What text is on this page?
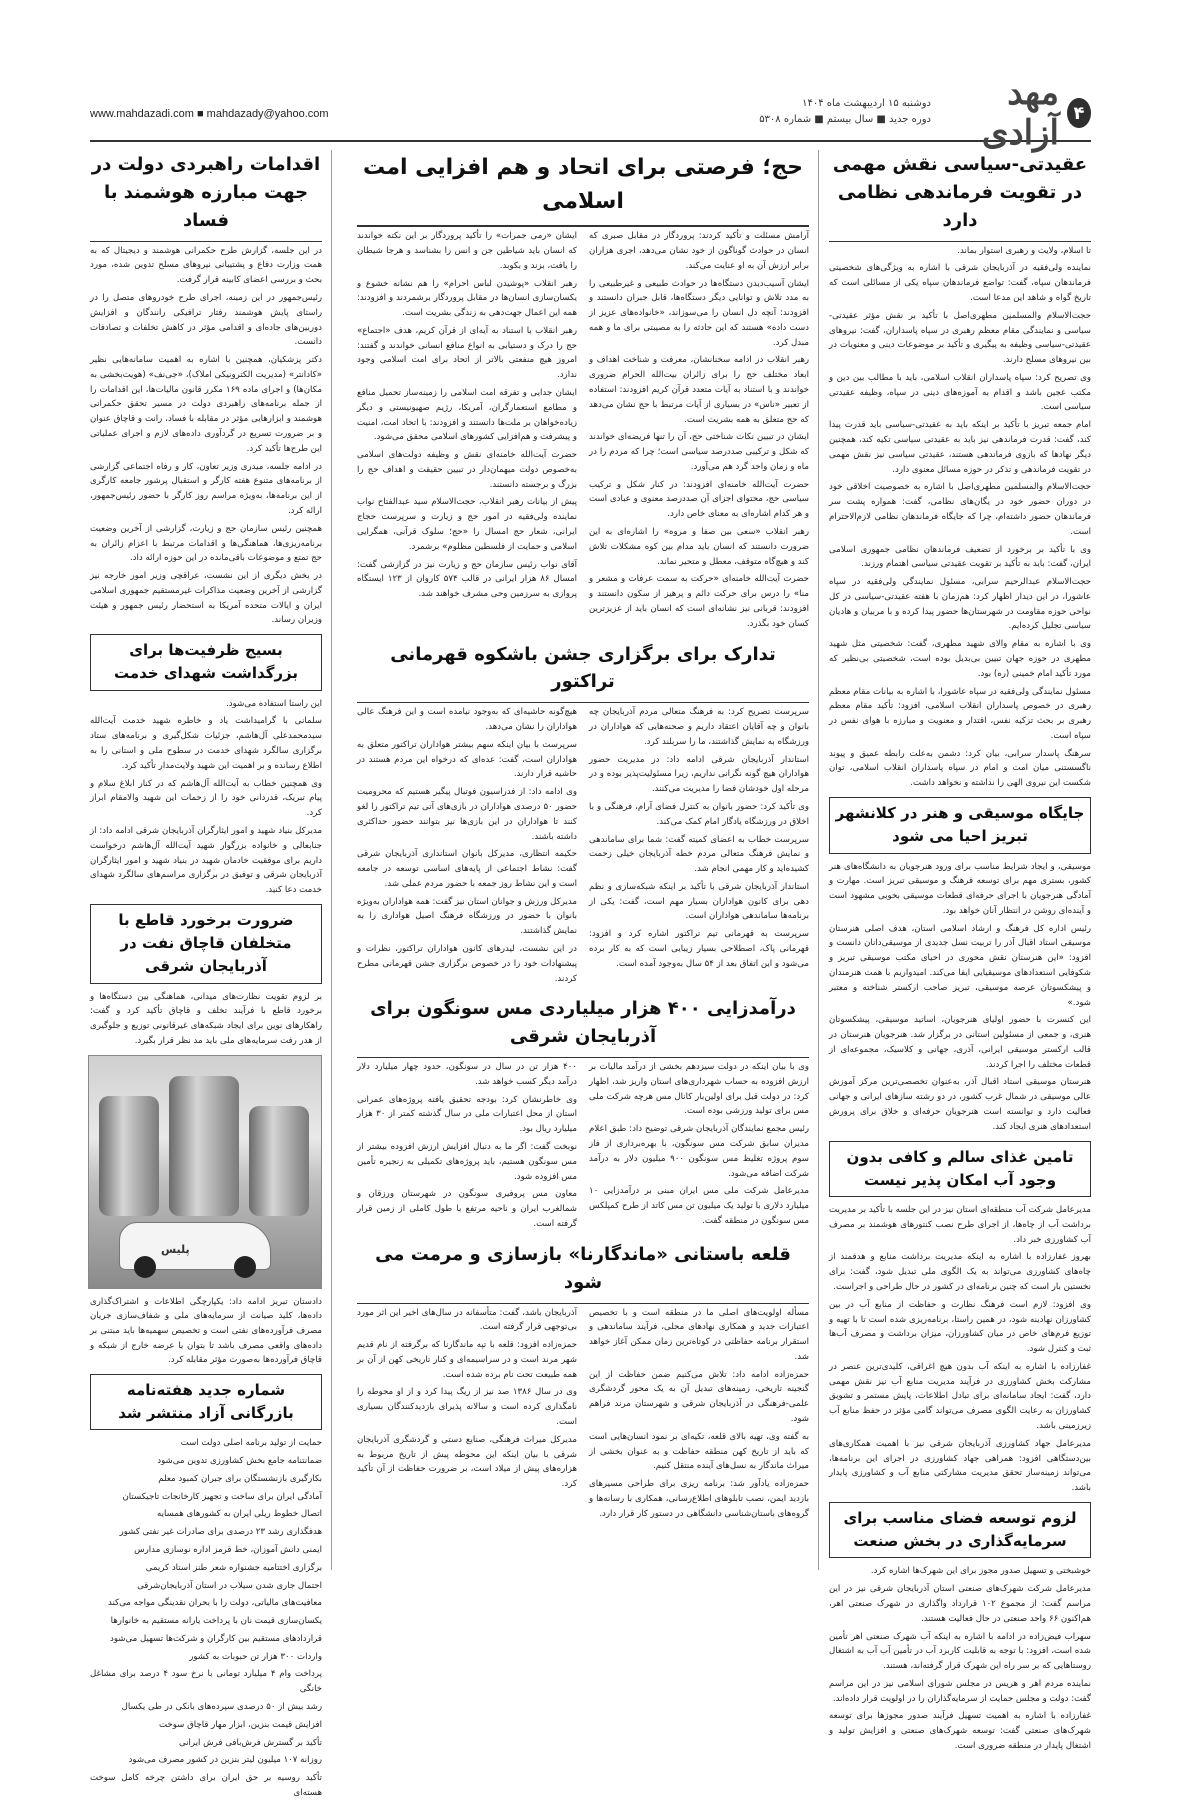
۴
مهد آزادی
دوشنبه ۱۵ اردیبهشت ماه ۱۴۰۴
دوره جدید ■ سال بیستم ■ شماره ۵۳۰۸
www.mahdazadi.com ■ mahdazady@yahoo.com
عقیدتی-سیاسی نقش مهمی در تقویت فرماندهی نظامی دارد

تا اسلام، ولایت و رهبری استوار بماند.

نماینده ولی‌فقیه در آذربایجان شرقی با اشاره به ویژگی‌های شخصیتی فرماندهان سپاه، گفت: تواضع فرماندهان سپاه یکی از مسائلی است که تاریخ گواه و شاهد این مدعا است.

حجت‌الاسلام والمسلمین مطهری‌اصل با تأکید بر نقش مؤثر عقیدتی-سیاسی و نمایندگی مقام معظم رهبری در سپاه پاسداران، گفت: نیروهای عقیدتی-سیاسی وظیفه به پیگیری و تأکید بر موضوعات دینی و معنویات در بین نیروهای مسلح دارند.

وی تصریح کرد: سپاه پاسداران انقلاب اسلامی، باید با مطالب بین دین و مکتب عجین باشد و اقدام به آموزه‌های دینی در سپاه، وظیفه عقیدتی سیاسی است.

امام جمعه تبریز با تأکید بر اینکه باید به عقیدتی-سیاسی باید قدرت پیدا کند، گفت: قدرت فرماندهی نیز باید به عقیدتی سیاسی تکیه کند، همچنین دیگر نهادها که بازوی فرماندهی هستند، عقیدتی سیاسی نیز نقش مهمی در تقویت فرماندهی و تذکر در حوزه مسائل معنوی دارد.

حجت‌الاسلام والمسلمین مطهری‌اصل با اشاره به خصوصیت اخلاقی خود در دوران حضور خود در یگان‌های نظامی، گفت: همواره پشت سر فرماندهان حضور داشته‌ام، چرا که جایگاه فرماندهان نظامی لازم‌الاحترام است.

وی با تأکید بر برخورد از تضعیف فرماندهان نظامی جمهوری اسلامی ایران، گفت: باید به تأکید بر تقویت عقیدتی سیاسی اهتمام ورزند.

حجت‌الاسلام عبدالرحیم سرابی، مسئول نمایندگی ولی‌فقیه در سپاه عاشورا، در این دیدار اظهار کرد: هم‌زمان با هفته عقیدتی-سیاسی در کل نواحی حوزه مقاومت در شهرستان‌ها حضور پیدا کرده و با مربیان و هادیان سیاسی تجلیل کرده‌ایم.

وی با اشاره به مقام والای شهید مطهری، گفت: شخصیتی مثل شهید مطهری در حوزه جهان تبیین بی‌بدیل بوده است، شخصیتی بی‌نظیر که مورد تأکید امام خمینی (ره) بود.

مسئول نمایندگی ولی‌فقیه در سپاه عاشورا، با اشاره به بیانات مقام معظم رهبری در خصوص پاسداران انقلاب اسلامی، افزود: تأکید مقام معظم رهبری بر بحث تزکیه نفس، اقتدار و معنویت و مبارزه با هوای نفس در سپاه است.

سرهنگ پاسدار سرابی، بیان کرد: دشمن به‌علت رابطه عمیق و پیوند ناگسستنی میان امت و امام در سپاه پاسداران انقلاب اسلامی، توان شکست این نیروی الهی را نداشته و نخواهد داشت.

جایگاه موسیقی و هنر در کلانشهر تبریز احیا می شود

موسیقی، و ایجاد شرایط مناسب برای ورود هنرجویان به دانشگاه‌های هنر کشور، بستری مهم برای توسعه فرهنگ و موسیقی تبریز است. مهارت و آمادگی هنرجویان با اجرای حرفه‌ای قطعات موسیقی بخوبی مشهود است و آینده‌ای روشن در انتظار آنان خواهد بود.

رئیس اداره کل فرهنگ و ارشاد اسلامی استان، هدف اصلی هنرستان موسیقی استاد اقبال آذر را تربیت نسل جدیدی از موسیقی‌دانان دانست و افزود: «این هنرستان نقش محوری در احیای مکتب موسیقی تبریز و شکوفایی استعدادهای موسیقیایی ایفا می‌کند. امیدواریم با همت هنرمندان و پیشکسوتان عرصه موسیقی، تبریز صاحب ارکستر شناخته و معتبر شود.»

این کنسرت با حضور اولیای هنرجویان، اساتید موسیقی، پیشکسوتان هنری، و جمعی از مسئولین استانی در برگزار شد. هنرجویان هنرستان در قالب ارکستر موسیقی ایرانی، آذری، جهانی و کلاسیک، مجموعه‌ای از قطعات مختلف را اجرا کردند.

هنرستان موسیقی استاد اقبال آذر، به‌عنوان تخصصی‌ترین مرکز آموزش عالی موسیقی در شمال غرب کشور، در دو رشته سازهای ایرانی و جهانی فعالیت دارد و توانسته است هنرجویان حرفه‌ای و خلاق برای پرورش استعدادهای هنری ایجاد کند.

تامین غذای سالم و کافی بدون وجود آب امکان پذیر نیست

مدیرعامل شرکت آب منطقه‌ای استان نیز در این جلسه با تأکید بر مدیریت برداشت آب از چاه‌ها، از اجرای طرح نصب کنتورهای هوشمند بر مصرف آب کشاورزی خبر داد.

بهروز غفارزاده با اشاره به اینکه مدیریت برداشت منابع و هدفمند از چاه‌های کشاورزی می‌تواند به یک الگوی ملی تبدیل شود، گفت: برای نخستین بار است که چنین برنامه‌ای در کشور در حال طراحی و اجراست.

وی افزود: لازم است فرهنگ نظارت و حفاظت از منابع آب در بین کشاورزان نهادینه شود، در همین راستا، برنامه‌ریزی شده است تا با تهیه و توزیع فرم‌های خاص در میان کشاورزان، میزان برداشت و مصرف آب‌ها ثبت و کنترل شود.

غفارزاده با اشاره به اینکه آب بدون هیچ اغراقی، کلیدی‌ترین عنصر در مشارکت بخش کشاورزی در فرآیند مدیریت منابع آب نیز نقش مهمی دارد، گفت: ایجاد سامانه‌ای برای تبادل اطلاعات، پایش مستمر و تشویق کشاورزان به رعایت الگوی مصرف می‌تواند گامی مؤثر در حفظ منابع آب زیرزمینی باشد.

مدیرعامل جهاد کشاورزی آذربایجان شرقی نیز با اهمیت همکاری‌های بین‌دستگاهی افزود: همراهی جهاد کشاورزی در اجرای این برنامه‌ها، می‌تواند زمینه‌ساز تحقق مدیریت مشارکتی منابع آب و کشاورزی پایدار باشد.

لزوم توسعه فضای مناسب برای سرمایه‌گذاری در بخش صنعت

خوشبختی و تسهیل صدور مجوز برای این شهرک‌ها اشاره کرد.

مدیرعامل شرکت شهرک‌های صنعتی استان آذربایجان شرقی نیز در این مراسم گفت: از مجموع ۱۰۲ قرارداد واگذاری در شهرک صنعتی اهر، هم‌اکنون ۶۶ واحد صنعتی در حال فعالیت هستند.

سهراب فیض‌زاده در ادامه با اشاره به اینکه آب شهرک صنعتی اهر تأمین شده است، افزود: با توجه به قابلیت کاربرد آب در تأمین آب آب به اشتغال روستاهایی که بر سر راه این شهرک قرار گرفته‌اند، هستند.

نماینده مردم اهر و هریس در مجلس شورای اسلامی نیز در این مراسم گفت: دولت و مجلس حمایت از سرمایه‌گذاران را در اولویت قرار داده‌اند.

غفارزاده با اشاره به اهمیت تسهیل فرآیند صدور مجوزها برای توسعه شهرک‌های صنعتی گفت: توسعه شهرک‌های صنعتی و افزایش تولید و اشتغال پایدار در منطقه ضروری است.

حج؛ فرصتی برای اتحاد و هم افزایی امت اسلامی

آرامش مسئلت و تأکید کردند: پروردگار در مقابل صبری که انسان در حوادث گوناگون از خود نشان می‌دهد، اجری هزاران برابر ارزش آن به او عنایت می‌کند.

ایشان آسیب‌دیدن دستگاه‌ها در حوادث طبیعی و غیرطبیعی را به مدد تلاش و توانایی دیگر دستگاه‌ها، قابل جبران دانستند و افزودند: آنچه دل انسان را می‌سوزاند، «خانواده‌های عزیز از دست داده» هستند که این حادثه را به مصیبتی برای ما و همه مبدل کرد.

رهبر انقلاب در ادامه سخنانشان، معرفت و شناخت اهداف و ابعاد مختلف حج را برای زائران بیت‌الله الحرام ضروری خواندند و با استناد به آیات متعدد قرآن کریم افزودند: استفاده از تعبیر «ناس» در بسیاری از آیات مرتبط با حج نشان می‌دهد که حج متعلق به همه بشریت است.

ایشان در تبیین نکات شناختی حج، آن را تنها فریضه‌ای خواندند که شکل و ترکیبی صددرصد سیاسی است؛ چرا که مردم را در ماه و زمان واحد گرد هم می‌آورد.

حضرت آیت‌الله خامنه‌ای افزودند: در کنار شکل و ترکیب سیاسی حج، محتوای اجزای آن صددرصد معنوی و عبادی است و هر کدام اشاره‌ای به معنای خاص دارد.

رهبر انقلاب «سعی بین صفا و مروه» را اشاره‌ای به این ضرورت دانستند که انسان باید مدام بین کوه مشکلات تلاش کند و هیچ‌گاه متوقف، معطل و متحیر نماند.

حضرت آیت‌الله خامنه‌ای «حرکت به سمت عرفات و مشعر و منا» را درس برای حرکت دائم و پرهیز از سکون دانستند و افزودند: قربانی نیز نشانه‌ای است که انسان باید از عزیزترین کسان خود بگذرد.

ایشان «رمی جمرات» را تأکید پروردگار بر این نکته خواندند که انسان باید شیاطین جن و انس را بشناسد و هرجا شیطان را یافت، بزند و بکوبد.

رهبر انقلاب «پوشیدن لباس احرام» را هم نشانه خشوع و یکسان‌سازی انسان‌ها در مقابل پروردگار برشمردند و افزودند: همه این اعمال جهت‌دهی به زندگی بشریت است.

رهبر انقلاب با استناد به آیه‌ای از قرآن کریم، هدف «اجتماع» حج را درک و دستیابی به انواع منافع انسانی خواندند و گفتند: امروز هیچ منفعتی بالاتر از اتحاد برای امت اسلامی وجود ندارد.

ایشان جدایی و تفرقه امت اسلامی را زمینه‌ساز تحمیل منافع و مطامع استعمارگران، آمریکا، رژیم صهیونیستی و دیگر زیاده‌خواهان بر ملت‌ها دانستند و افزودند: با اتحاد امت، امنیت و پیشرفت و هم‌افزایی کشورهای اسلامی محقق می‌شود.

حضرت آیت‌الله خامنه‌ای نقش و وظیفه دولت‌های اسلامی به‌خصوص دولت میهمان‌دار در تبیین حقیقت و اهداف حج را بزرگ و برجسته دانستند.

پیش از بیانات رهبر انقلاب، حجت‌الاسلام سید عبدالفتاح نواب نماینده ولی‌فقیه در امور حج و زیارت و سرپرست حجاج ایرانی، شعار حج امسال را «حج؛ سلوک قرآنی، همگرایی اسلامی و حمایت از فلسطین مظلوم» برشمرد.

آقای نواب رئیس سازمان حج و زیارت نیز در گزارشی گفت: امسال ۸۶ هزار ایرانی در قالب ۵۷۴ کاروان از ۱۲۳ ایستگاه پروازی به سرزمین وحی مشرف خواهند شد.

تدارک برای برگزاری جشن باشکوه قهرمانی تراکتور

سرپرست تصریح کرد: به فرهنگ متعالی مردم آذربایجان چه بانوان و چه آقایان اعتقاد داریم و صحنه‌هایی که هواداران در ورزشگاه به نمایش گذاشتند، ما را سربلند کرد.

استاندار آذربایجان شرقی ادامه داد: در مدیریت حضور هواداران هیچ گونه نگرانی نداریم، زیرا مسئولیت‌پذیر بوده و در مرحله اول خودشان فضا را مدیریت می‌کنند.

وی تأکید کرد: حضور بانوان به کنترل فضای آرام، فرهنگی و با اخلاق در ورزشگاه یادگار امام کمک می‌کند.

سرپرست خطاب به اعضای کمیته گفت: شما برای ساماندهی و نمایش فرهنگ متعالی مردم خطه آذربایجان خیلی زحمت کشیده‌اید و کار مهمی انجام شد.

استاندار آذربایجان شرقی با تأکید بر اینکه شبکه‌سازی و نظم دهی برای کانون هواداران بسیار مهم است، گفت: یکی از برنامه‌ها ساماندهی هواداران است.

سرپرست به قهرمانی تیم تراکتور اشاره کرد و افزود: قهرمانی پاک، اصطلاحی بسیار زیبایی است که به کار برده می‌شود و این اتفاق بعد از ۵۴ سال به‌وجود آمده است.

هیچ‌گونه حاشیه‌ای که به‌وجود نیامده است و این فرهنگ عالی هواداران را نشان می‌دهد.

سرپرست با بیان اینکه سهم بیشتر هواداران تراکتور متعلق به هواداران است، گفت: عده‌ای که درخواه این مردم هستند در حاشیه قرار دارند.

وی ادامه داد: از فدراسیون فوتبال پیگیر هستیم که محرومیت حضور ۵۰ درصدی هواداران در بازی‌های آتی تیم تراکتور را لغو کنند تا هواداران در این بازی‌ها نیز بتوانند حضور حداکثری داشته باشند.

حکیمه انتظاری، مدیرکل بانوان استانداری آذربایجان شرقی گفت: نشاط اجتماعی از پایه‌های اساسی توسعه در جامعه است و این نشاط روز جمعه با حضور مردم عملی شد.

مدیرکل ورزش و جوانان استان نیز گفت: همه هواداران به‌ویژه بانوان با حضور در ورزشگاه فرهنگ اصیل هواداری را به نمایش گذاشتند.

در این نشست، لیدرهای کانون هواداران تراکتور، نظرات و پیشنهادات خود را در خصوص برگزاری جشن قهرمانی مطرح کردند.

درآمدزایی ۴۰۰ هزار میلیاردی مس سونگون برای آذربایجان شرقی

وی با بیان اینکه در دولت سیزدهم بخشی از درآمد مالیات بر ارزش افزوده به حساب شهرداری‌های استان واریز شد، اظهار کرد: در دولت قبل برای اولین‌بار کانال مس هرچه شرکت ملی مس برای تولید ورزشی بوده است.

رئیس مجمع نمایندگان آذربایجان شرقی توضیح داد: طبق اعلام مدیران سابق شرکت مس سونگون، با بهره‌برداری از فاز سوم پروژه تغلیظ مس سونگون ۹۰۰ میلیون دلار به درآمد شرکت اضافه می‌شود.

مدیرعامل شرکت ملی مس ایران مبنی بر درآمدزایی ۱۰ میلیارد دلاری با تولید یک میلیون تن مس کاتد از طرح کمپلکس مس سونگون در منطقه گفت.

۴۰۰ هزار تن در سال در سونگون، حدود چهار میلیارد دلار درآمد دیگر کسب خواهد شد.

وی خاطرنشان کرد: بودجه تحقیق یافته پروژه‌های عمرانی استان از محل اعتبارات ملی در سال گذشته کمتر از ۳۰ هزار میلیارد ریال بود.

نوبخت گفت: اگر ما به دنبال افزایش ارزش افزوده بیشتر از مس سونگون هستیم، باید پروژه‌های تکمیلی به زنجیره تأمین مس افزوده شود.

معاون مس پروفیری سونگون در شهرستان ورزقان و شمالغرب ایران و ناحیه مرتفع با طول کاملی از زمین قرار گرفته است.

قلعه باستانی «ماندگارنا» بازسازی و مرمت می شود

مسأله اولویت‌های اصلی ما در منطقه است و با تخصیص اعتبارات جدید و همکاری نهادهای محلی، فرآیند ساماندهی و استقرار برنامه حفاظتی در کوتاه‌ترین زمان ممکن آغاز خواهد شد.

حمزه‌زاده ادامه داد: تلاش می‌کنیم ضمن حفاظت از این گنجینه تاریخی، زمینه‌های تبدیل آن به یک محور گردشگری علمی-فرهنگی در آذربایجان شرقی و شهرستان مرند فراهم شود.

به گفته وی، تهیه بالای قلعه، تکیه‌ای بر نمود انسان‌هایی است که باید از تاریخ کهن منطقه حفاظت و به عنوان بخشی از میراث ماندگار به نسل‌های آینده منتقل کنیم.

حمزه‌زاده یادآور شد: برنامه ریزی برای طراحی مسیرهای بازدید ایمن، نصب تابلوهای اطلاع‌رسانی، همکاری با رسانه‌ها و گروه‌های باستان‌شناسی دانشگاهی در دستور کار قرار دارد.

آذربایجان باشد، گفت: متأسفانه در سال‌های اخیر این اثر مورد بی‌توجهی قرار گرفته است.

حمزه‌زاده افزود: قلعه با تپه ماندگارنا که برگرفته از نام قدیم شهر مرند است و در سراسیمه‌ای و کنار تاریخی کهن از آن بر همه طبیعت تحت نام برده شده است.

وی در سال ۱۳۸۶ صد نیز از ریگ پیدا کرد و از او محوطه را نامگذاری کرده است و سالانه پذیرای بازدیدکنندگان بسیاری است.

مدیرکل میراث فرهنگی، صنایع دستی و گردشگری آذربایجان شرقی با بیان اینکه این محوطه پیش از تاریخ مربوط به هزاره‌های پیش از میلاد است، بر ضرورت حفاظت از آن تأکید کرد.

اقدامات راهبردی دولت در جهت مبارزه هوشمند با فساد

در این جلسه، گزارش طرح حکمرانی هوشمند و دیجیتال که به همت وزارت دفاع و پشتیبانی نیروهای مسلح تدوین شده، مورد بحث و بررسی اعضای کابینه قرار گرفت.

رئیس‌جمهور در این زمینه، اجرای طرح خودروهای متصل را در راستای پایش هوشمند رفتار ترافیکی رانندگان و افزایش دوربین‌های جاده‌ای و اقدامی مؤثر در کاهش تخلفات و تصادفات دانست.

دکتر پزشکیان، همچنین با اشاره به اهمیت سامانه‌هایی نظیر «کادانتر» (مدیریت الکترونیکی املاک)، «جی‌نف» (هویت‌بخشی به مکان‌ها) و اجرای ماده ۱۶۹ مکرر قانون مالیات‌ها، این اقدامات را از جمله برنامه‌های راهبردی دولت در مسیر تحقق حکمرانی هوشمند و ابزارهایی مؤثر در مقابله با فساد، رانت و قاچاق عنوان و بر ضرورت تسریع در گردآوری داده‌های لازم و اجرای عملیاتی این طرح‌ها تأکید کرد.

در ادامه جلسه، میدری وزیر تعاون، کار و رفاه اجتماعی گزارشی از برنامه‌های متنوع هفته کارگر و استقبال پرشور جامعه کارگری از این برنامه‌ها، به‌ویژه مراسم روز کارگر با حضور رئیس‌جمهور، ارائه کرد.

همچنین رئیس سازمان حج و زیارت، گزارشی از آخرین وضعیت برنامه‌ریزی‌ها، هماهنگی‌ها و اقدامات مرتبط با اعزام زائران به حج تمتع و موضوعات باقی‌مانده در این حوزه ارائه داد.

در بخش دیگری از این نشست، عراقچی وزیر امور خارجه نیز گزارشی از آخرین وضعیت مذاکرات غیرمستقیم جمهوری اسلامی ایران و ایالات متحده آمریکا به استحضار رئیس جمهور و هیئت وزیران رساند.

بسیج ظرفیت‌ها برای بزرگداشت شهدای خدمت

این راستا استفاده می‌شود.

سلمانی با گرامیداشت یاد و خاطره شهید خدمت آیت‌الله سیدمحمدعلی آل‌هاشم، جزئیات شکل‌گیری و برنامه‌های ستاد برگزاری سالگرد شهدای خدمت در سطوح ملی و استانی را به اطلاع رسانده و بر اهمیت این شهید ولایت‌مدار تأکید کرد.

وی همچنین خطاب به آیت‌الله آل‌هاشم که در کنار ابلاغ سلام و پیام تبریک، قدردانی خود را از زحمات این شهید والامقام ابراز کرد.

مدیرکل بنیاد شهید و امور ایثارگران آذربایجان شرقی ادامه داد: از جنابعالی و خانواده بزرگوار شهید آیت‌الله آل‌هاشم درخواست داریم برای موفقیت خادمان شهید در بنیاد شهید و امور ایثارگران آذربایجان شرقی و توفیق در برگزاری مراسم‌های سالگرد شهدای خدمت دعا کنید.

ضرورت برخورد قاطع با متخلفان قاچاق نفت در آذربایجان شرقی

بر لزوم تقویت نظارت‌های میدانی، هماهنگی بین دستگاه‌ها و برخورد قاطع با فرآیند تخلف و قاچاق تأکید کرد و گفت: راهکارهای نوین برای ایجاد شبکه‌های غیرقانونی توزیع و جلوگیری از هدر رفت سرمایه‌های ملی باید مد نظر قرار بگیرد.

پلیس
دادستان تبریز ادامه داد: یکپارچگی اطلاعات و اشتراک‌گذاری داده‌ها، کلید صیانت از سرمایه‌های ملی و شفاف‌سازی جریان مصرف فرآورده‌های نفتی است و تخصیص سهمیه‌ها باید مبتنی بر داده‌های واقعی مصرف باشد تا بتوان با عرضه خارج از شبکه و قاچاق فرآورده‌ها به‌صورت مؤثر مقابله کرد.
شماره جدید هفته‌نامه بازرگانی آزاد منتشر شد

حمایت از تولید برنامه اصلی دولت است

ضمانتنامه جامع بخش کشاورزی تدوین می‌شود

بکارگیری بازنشستگان برای جبران کمبود معلم

آمادگی ایران برای ساخت و تجهیز کارخانجات تاجیکستان

اتصال خطوط ریلی ایران به کشورهای همسایه

هدفگذاری رشد ۲۳ درصدی برای صادرات غیر نفتی کشور

ایمنی دانش آموزان، خط قرمز اداره نوسازی مدارس

برگزاری اختتامیه جشنواره شعر طنز استاد کریمی

احتمال جاری شدن سیلاب در استان آذربایجان‌شرقی

معافیت‌های مالیاتی، دولت را با بحران نقدینگی مواجه می‌کند

یکسان‌سازی قیمت نان با پرداخت یارانه مستقیم به خانوارها

قراردادهای مستقیم بین کارگران و شرکت‌ها تسهیل می‌شود

واردات ۳۰۰ هزار تن حبوبات به کشور

پرداخت وام ۴ میلیارد تومانی با نرخ سود ۴ درصد برای مشاغل خانگی

رشد بیش از ۵۰ درصدی سپرده‌های بانکی در طی یکسال

افزایش قیمت بنزین، ابزار مهار قاچاق سوخت

تأکید بر گسترش فرش‌بافی فرش ایرانی

روزانه ۱۰۷ میلیون لیتر بنزین در کشور مصرف می‌شود

تأکید روسیه بر حق ایران برای داشتن چرخه کامل سوخت هسته‌ای
